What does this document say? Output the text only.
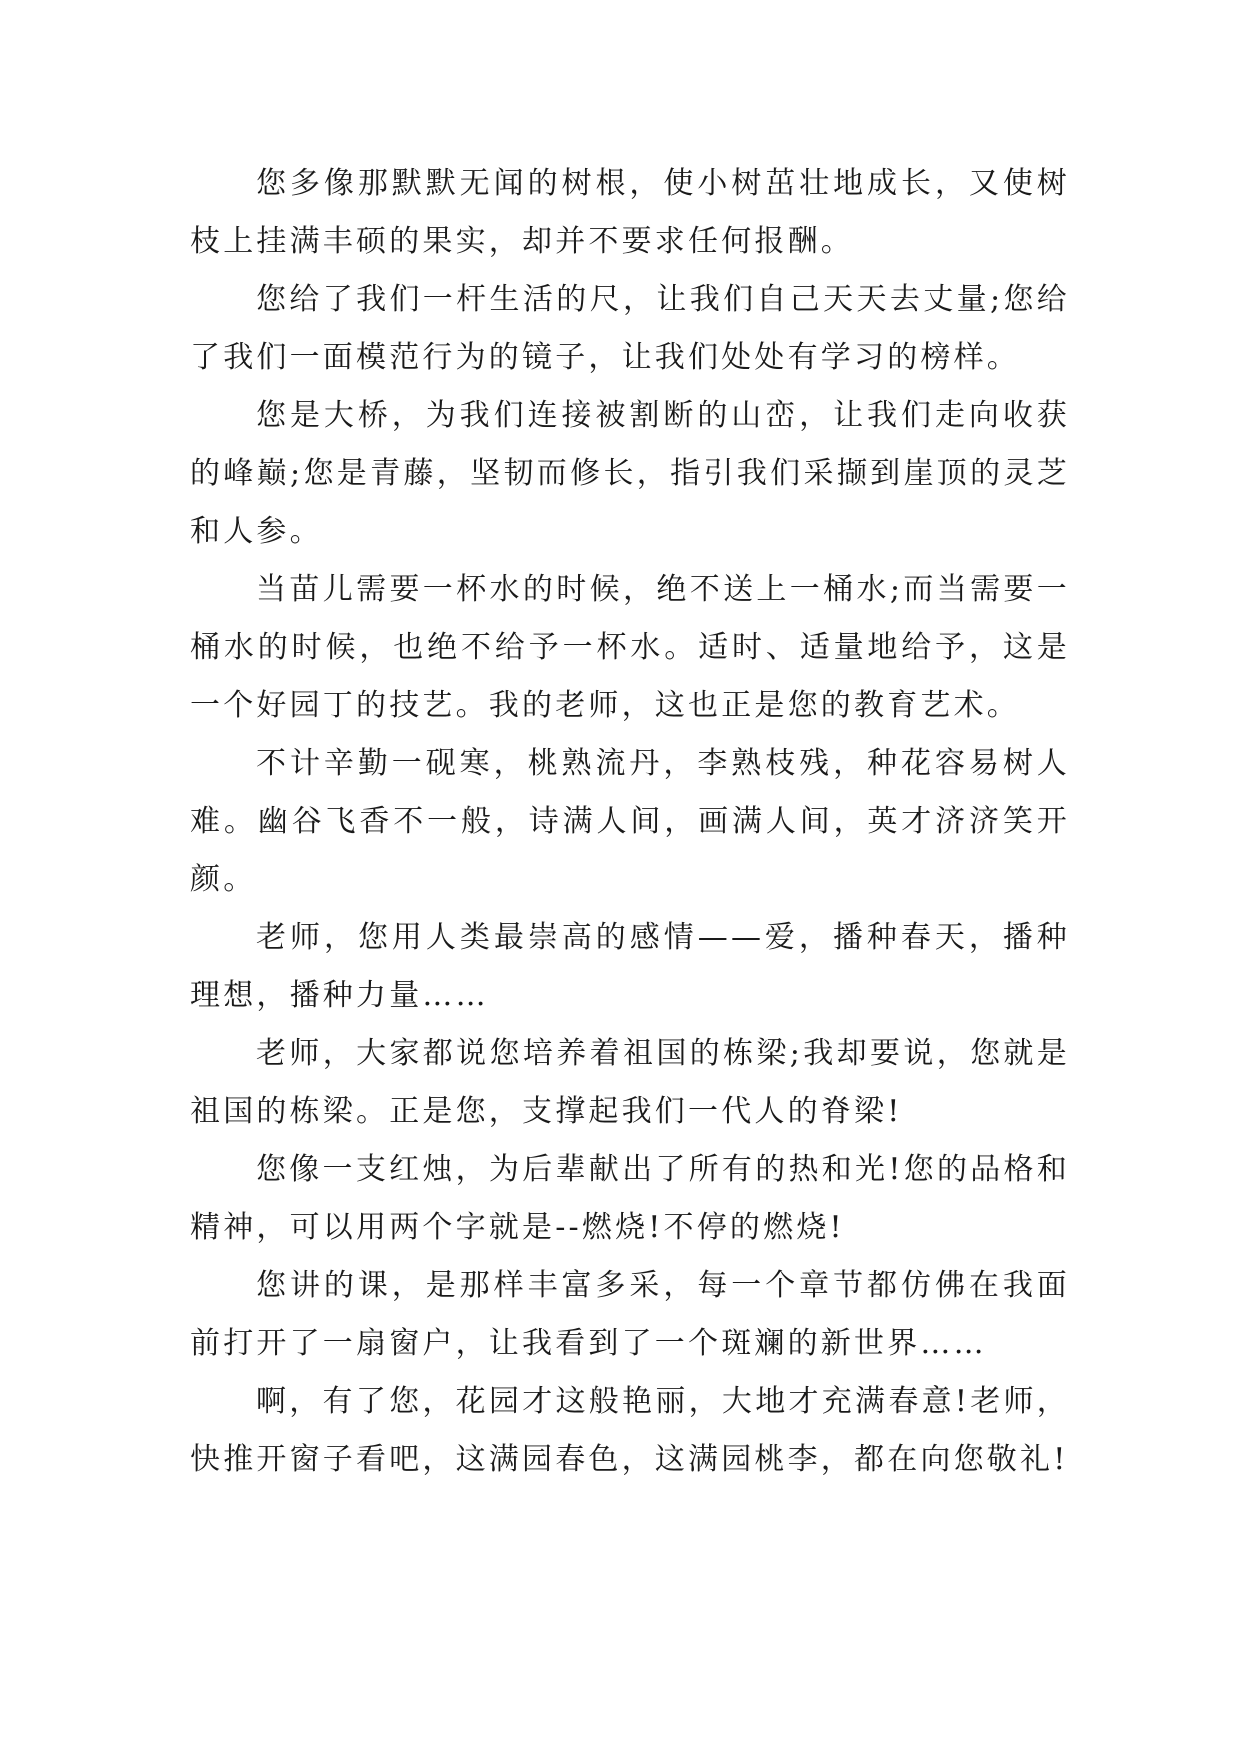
您多像那默默无闻的树根，使小树茁壮地成长，又使树枝上挂满丰硕的果实，却并不要求任何报酬。

您给了我们一杆生活的尺，让我们自己天天去丈量;您给了我们一面模范行为的镜子，让我们处处有学习的榜样。

您是大桥，为我们连接被割断的山峦，让我们走向收获的峰巅;您是青藤，坚韧而修长，指引我们采撷到崖顶的灵芝和人参。

当苗儿需要一杯水的时候，绝不送上一桶水;而当需要一桶水的时候，也绝不给予一杯水。适时、适量地给予，这是一个好园丁的技艺。我的老师，这也正是您的教育艺术。

不计辛勤一砚寒，桃熟流丹，李熟枝残，种花容易树人难。幽谷飞香不一般，诗满人间，画满人间，英才济济笑开颜。

老师，您用人类最崇高的感情——爱，播种春天，播种理想，播种力量……

老师，大家都说您培养着祖国的栋梁;我却要说，您就是祖国的栋梁。正是您，支撑起我们一代人的脊梁!

您像一支红烛，为后辈献出了所有的热和光!您的品格和精神，可以用两个字就是--燃烧!不停的燃烧!

您讲的课，是那样丰富多采，每一个章节都仿佛在我面前打开了一扇窗户，让我看到了一个斑斓的新世界……

啊，有了您，花园才这般艳丽，大地才充满春意!老师，快推开窗子看吧，这满园春色，这满园桃李，都在向您敬礼!
